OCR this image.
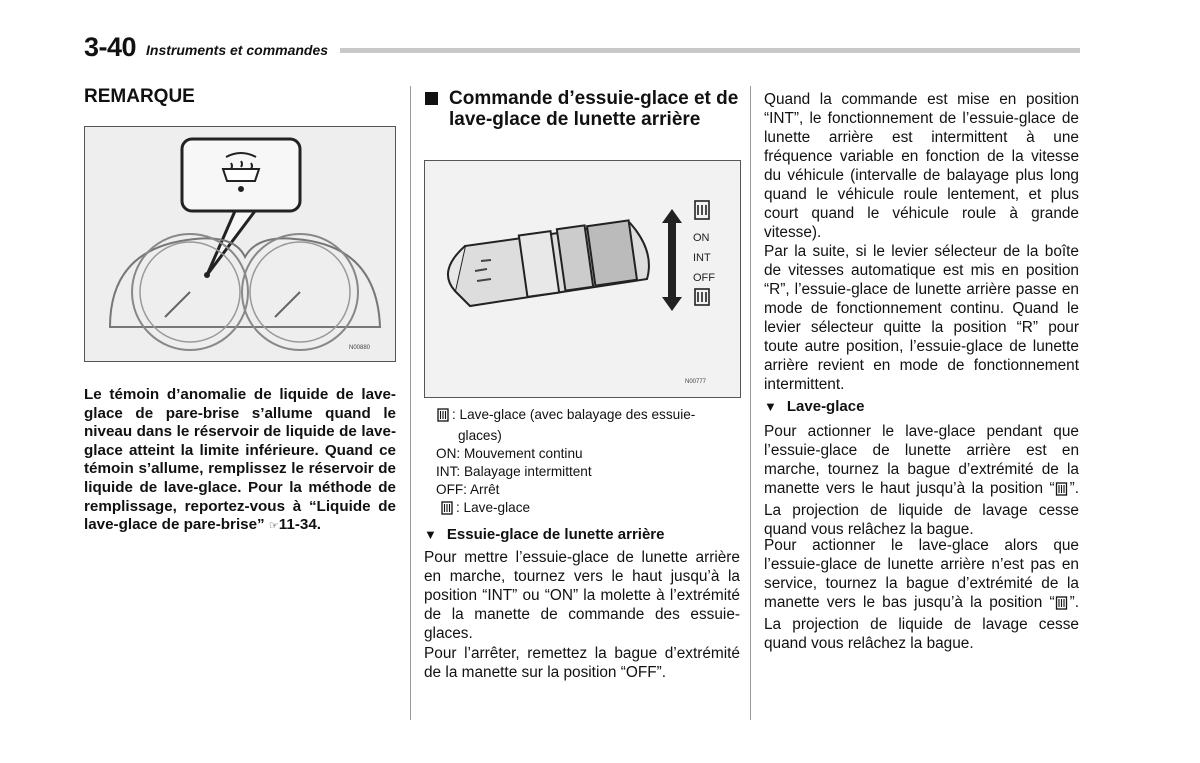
3-40 Instruments et commandes
REMARQUE
N00880

Le témoin d’anomalie de liquide de lave-glace de pare-brise s’allume quand le niveau dans le réservoir de liquide de lave-glace atteint la limite inférieure. Quand ce témoin s’allume, remplissez le réservoir de liquide de lave-glace. Pour la méthode de remplissage, reportez-vous à “Liquide de lave-glace de pare-brise” ☞11-34.

Commande d’essuie-glace et de lave-glace de lunette arrière
ON
INT
OFF
N00777
: Lave-glace (avec balayage des essuie-
glaces)
ON: Mouvement continu
INT: Balayage intermittent
OFF: Arrêt
: Lave-glace
▼ Essuie-glace de lunette arrière

Pour mettre l’essuie-glace de lunette arrière en marche, tournez vers le haut jusqu’à la position “INT” ou “ON” la molette à l’extrémité de la manette de commande des essuie-glaces.

Pour l’arrêter, remettez la bague d’extrémité de la manette sur la position “OFF”.

Quand la commande est mise en position “INT”, le fonctionnement de l’essuie-glace de lunette arrière est intermittent à une fréquence variable en fonction de la vitesse du véhicule (intervalle de balayage plus long quand le véhicule roule lentement, et plus court quand le véhicule roule à grande vitesse).

Par la suite, si le levier sélecteur de la boîte de vitesses automatique est mis en position “R”, l’essuie-glace de lunette arrière passe en mode de fonctionnement continu. Quand le levier sélecteur quitte la position “R” pour toute autre position, l’essuie-glace de lunette arrière revient en mode de fonctionnement intermittent.

▼ Lave-glace

Pour actionner le lave-glace pendant que l’essuie-glace de lunette arrière est en marche, tournez la bague d’extrémité de la manette vers le haut jusqu’à la position “ ”. La projection de liquide de lavage cesse quand vous relâchez la bague.

Pour actionner le lave-glace alors que l’essuie-glace de lunette arrière n’est pas en service, tournez la bague d’extrémité de la manette vers le bas jusqu’à la position “ ”. La projection de liquide de lavage cesse quand vous relâchez la bague.
